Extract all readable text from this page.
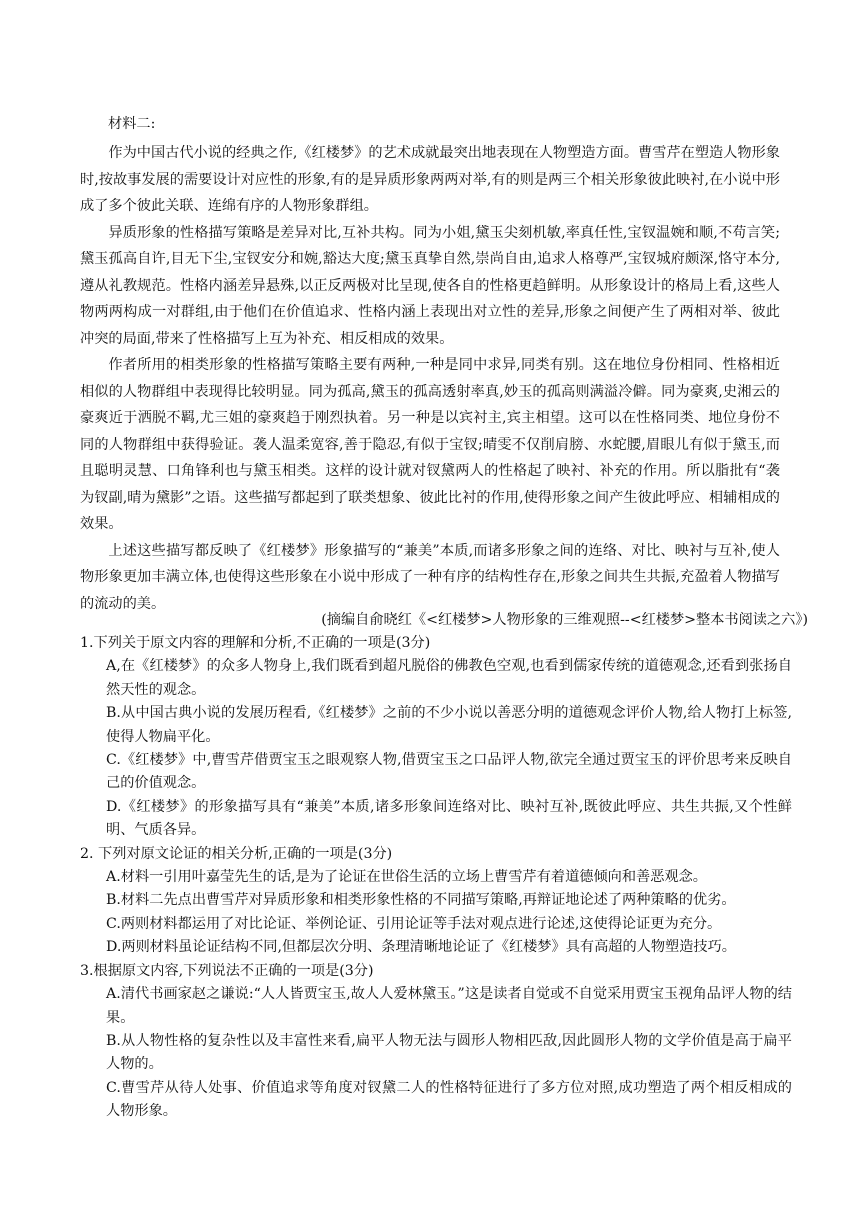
材料二:

作为中国古代小说的经典之作,《红楼梦》的艺术成就最突出地表现在人物塑造方面。曹雪芹在塑造人物形象时,按故事发展的需要设计对应性的形象,有的是异质形象两两对举,有的则是两三个相关形象彼此映衬,在小说中形成了多个彼此关联、连绵有序的人物形象群组。

异质形象的性格描写策略是差异对比,互补共构。同为小姐,黛玉尖刻机敏,率真任性,宝钗温婉和顺,不苟言笑;黛玉孤高自许,目无下尘,宝钗安分和婉,豁达大度;黛玉真挚自然,崇尚自由,追求人格尊严,宝钗城府颇深,恪守本分,遵从礼教规范。性格内涵差异悬殊,以正反两极对比呈现,使各自的性格更趋鲜明。从形象设计的格局上看,这些人物两两构成一对群组,由于他们在价值追求、性格内涵上表现出对立性的差异,形象之间便产生了两相对举、彼此冲突的局面,带来了性格描写上互为补充、相反相成的效果。

作者所用的相类形象的性格描写策略主要有两种,一种是同中求异,同类有别。这在地位身份相同、性格相近相似的人物群组中表现得比较明显。同为孤高,黛玉的孤高透射率真,妙玉的孤高则满溢冷僻。同为豪爽,史湘云的豪爽近于洒脱不羁,尤三姐的豪爽趋于刚烈执着。另一种是以宾衬主,宾主相望。这可以在性格同类、地位身份不同的人物群组中获得验证。袭人温柔宽容,善于隐忍,有似于宝钗;晴雯不仅削肩膀、水蛇腰,眉眼儿有似于黛玉,而且聪明灵慧、口角锋利也与黛玉相类。这样的设计就对钗黛两人的性格起了映衬、补充的作用。所以脂批有“袭为钗副,晴为黛影”之语。这些描写都起到了联类想象、彼此比衬的作用,使得形象之间产生彼此呼应、相辅相成的效果。

上述这些描写都反映了《红楼梦》形象描写的“兼美”本质,而诸多形象之间的连络、对比、映衬与互补,使人物形象更加丰满立体,也使得这些形象在小说中形成了一种有序的结构性存在,形象之间共生共振,充盈着人物描写的流动的美。

(摘编自俞晓红《<红楼梦>人物形象的三维观照--<红楼梦>整本书阅读之六》)

1.下列关于原文内容的理解和分析,不正确的一项是(3分)

A,在《红楼梦》的众多人物身上,我们既看到超凡脱俗的佛教色空观,也看到儒家传统的道德观念,还看到张扬自然天性的观念。

B.从中国古典小说的发展历程看,《红楼梦》之前的不少小说以善恶分明的道德观念评价人物,给人物打上标签,使得人物扁平化。

C.《红楼梦》中,曹雪芹借贾宝玉之眼观察人物,借贾宝玉之口品评人物,欲完全通过贾宝玉的评价思考来反映自己的价值观念。

D.《红楼梦》的形象描写具有“兼美”本质,诸多形象间连络对比、映衬互补,既彼此呼应、共生共振,又个性鲜明、气质各异。

2. 下列对原文论证的相关分析,正确的一项是(3分)

A.材料一引用叶嘉莹先生的话,是为了论证在世俗生活的立场上曹雪芹有着道德倾向和善恶观念。

B.材料二先点出曹雪芹对异质形象和相类形象性格的不同描写策略,再辩证地论述了两种策略的优劣。

C.两则材料都运用了对比论证、举例论证、引用论证等手法对观点进行论述,这使得论证更为充分。

D.两则材料虽论证结构不同,但都层次分明、条理清晰地论证了《红楼梦》具有高超的人物塑造技巧。

3.根据原文内容,下列说法不正确的一项是(3分)

A.清代书画家赵之谦说:“人人皆贾宝玉,故人人爱林黛玉。”这是读者自觉或不自觉采用贾宝玉视角品评人物的结果。

B.从人物性格的复杂性以及丰富性来看,扁平人物无法与圆形人物相匹敌,因此圆形人物的文学价值是高于扁平人物的。

C.曹雪芹从待人处事、价值追求等角度对钗黛二人的性格特征进行了多方位对照,成功塑造了两个相反相成的人物形象。
